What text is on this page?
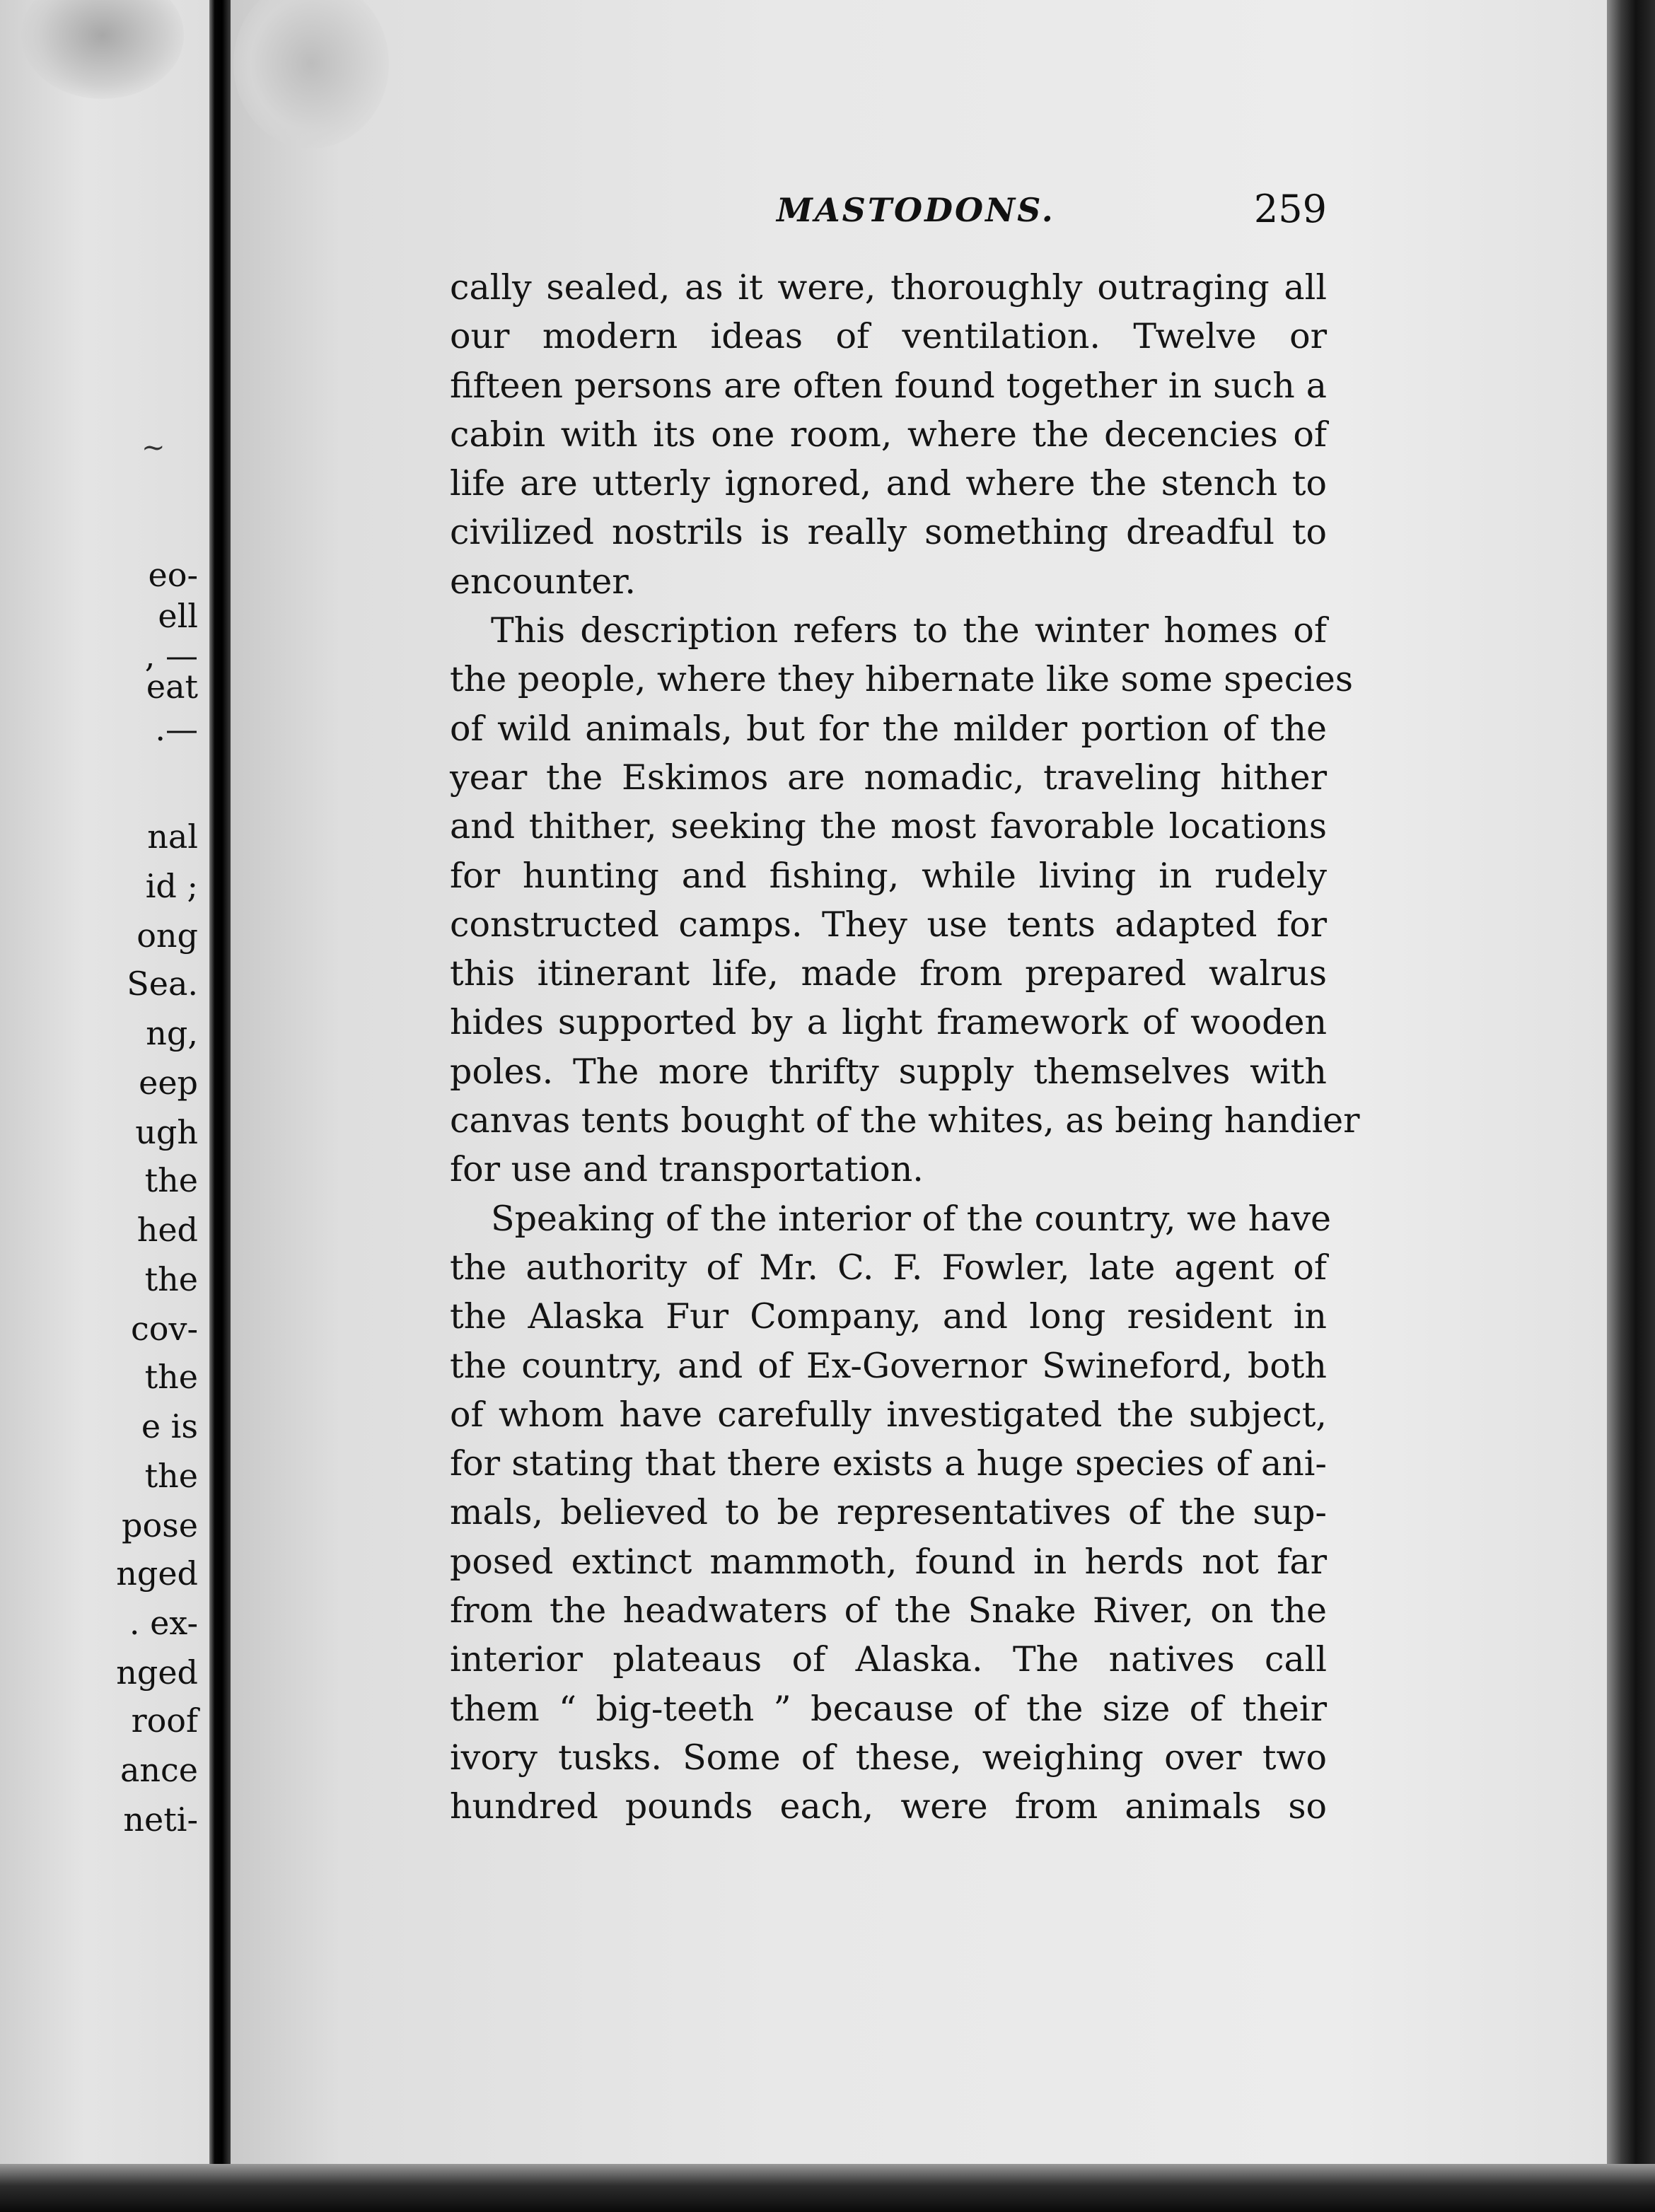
eo-
ell
, —
eat
.—
nal
id ;
ong
Sea.
ng,
eep
ugh
the
hed
the
cov-
the
e is
the
pose
nged
. ex-
nged
roof
ance
neti-
~
MASTODONS.	259
cally sealed, as it were, thoroughly outraging all
our modern ideas of ventilation. Twelve or
fifteen persons are often found together in such a
cabin with its one room, where the decencies of
life are utterly ignored, and where the stench to
civilized nostrils is really something dreadful to
encounter.
This description refers to the winter homes of
the people, where they hibernate like some species
of wild animals, but for the milder portion of the
year the Eskimos are nomadic, traveling hither
and thither, seeking the most favorable locations
for hunting and fishing, while living in rudely
constructed camps. They use tents adapted for
this itinerant life, made from prepared walrus
hides supported by a light framework of wooden
poles. The more thrifty supply themselves with
canvas tents bought of the whites, as being handier
for use and transportation.
Speaking of the interior of the country, we have
the authority of Mr. C. F. Fowler, late agent of
the Alaska Fur Company, and long resident in
the country, and of Ex-Governor Swineford, both
of whom have carefully investigated the subject,
for stating that there exists a huge species of ani-
mals, believed to be representatives of the sup-
posed extinct mammoth, found in herds not far
from the headwaters of the Snake River, on the
interior plateaus of Alaska. The natives call
them “ big-teeth ” because of the size of their
ivory tusks. Some of these, weighing over two
hundred pounds each, were from animals so
